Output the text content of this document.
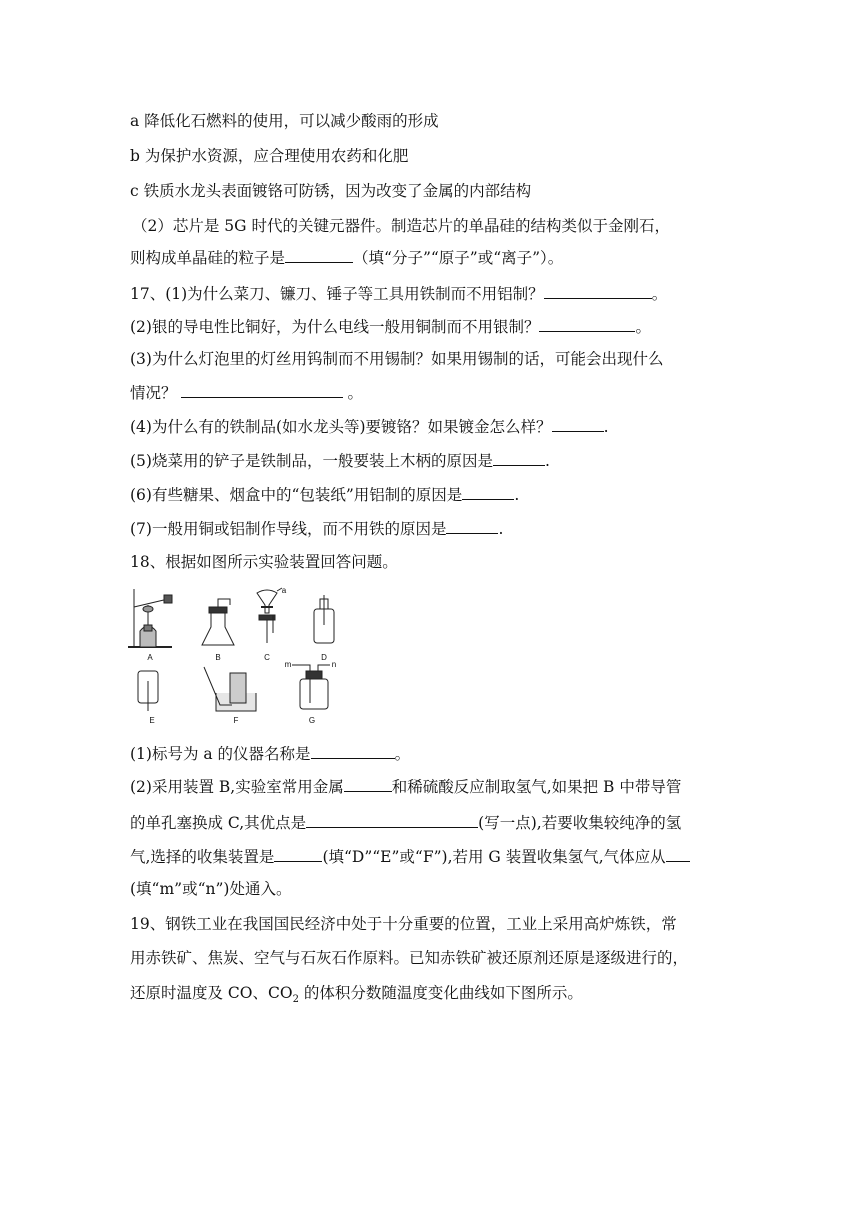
a 降低化石燃料的使用，可以减少酸雨的形成
b 为保护水资源，应合理使用农药和化肥
c 铁质水龙头表面镀铬可防锈，因为改变了金属的内部结构
（2）芯片是 5G 时代的关键元器件。制造芯片的单晶硅的结构类似于金刚石，
则构成单晶硅的粒子是	（填“分子”“原子”或“离子”）。
17、(1)为什么菜刀、镰刀、锤子等工具用铁制而不用铝制？	。
(2)银的导电性比铜好，为什么电线一般用铜制而不用银制？	。
(3)为什么灯泡里的灯丝用钨制而不用锡制？如果用锡制的话，可能会出现什么
情况？	。
(4)为什么有的铁制品(如水龙头等)要镀铬？如果镀金怎么样？	.
(5)烧菜用的铲子是铁制品，一般要装上木柄的原因是	.
(6)有些糖果、烟盒中的“包装纸”用铝制的原因是	.
(7)一般用铜或铝制作导线，而不用铁的原因是	.
18、根据如图所示实验装置回答问题。
A	B	C	D
a
E	F	G
m	n
(1)标号为 a 的仪器名称是	。
(2)采用装置 B,实验室常用金属	和稀硫酸反应制取氢气,如果把 B 中带导管
的单孔塞换成 C,其优点是	(写一点),若要收集较纯净的氢
气,选择的收集装置是	(填“D”“E”或“F”),若用 G 装置收集氢气,气体应从
(填“m”或“n”)处通入。
19、钢铁工业在我国国民经济中处于十分重要的位置，工业上采用高炉炼铁，常
用赤铁矿、焦炭、空气与石灰石作原料。已知赤铁矿被还原剂还原是逐级进行的，
还原时温度及 CO、$CO_2$ 的体积分数随温度变化曲线如下图所示。
